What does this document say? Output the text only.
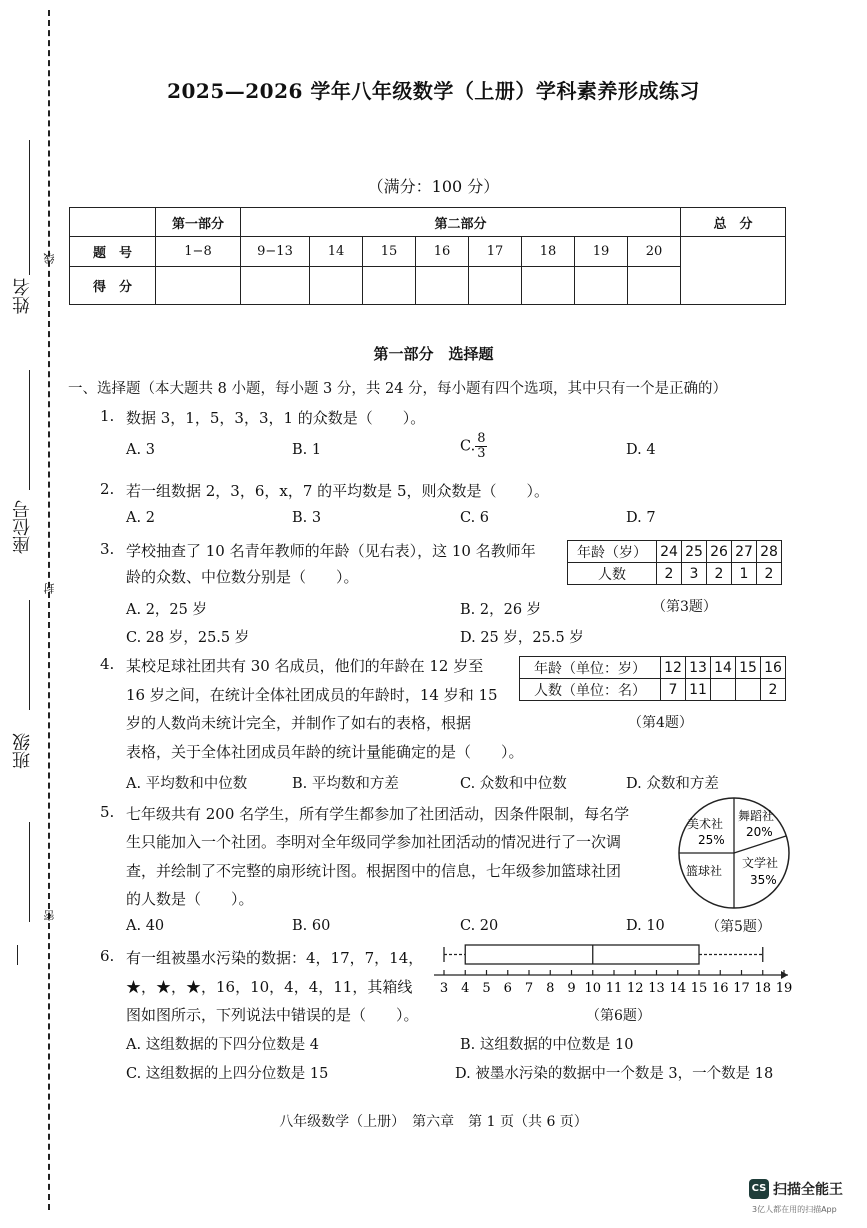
姓名
线
座位号
封
班级
密
2025—2026 学年八年级数学（上册）学科素养形成练习
（满分：100 分）
	第一部分	第二部分								总　分
题　号	1−8	9−13	14	15	16	17	18	19	20	
得　分										
第一部分　选择题
一、选择题（本大题共 8 小题，每小题 3 分，共 24 分，每小题有四个选项，其中只有一个是正确的）
1. 数据 3，1，5，3，3，1 的众数是（　　）。
A. 3	B. 1	C. $\frac{8}{3}$	D. 4
2. 若一组数据 2，3，6，x，7 的平均数是 5，则众数是（　　）。
A. 2	B. 3	C. 6	D. 7
3. 学校抽查了 10 名青年教师的年龄（见右表），这 10 名教师年
龄的众数、中位数分别是（　　）。
A. 2，25 岁	B. 2，26 岁
C. 28 岁，25.5 岁	D. 25 岁，25.5 岁
年龄（岁）	24	25	26	27	28
人数	2	3	2	1	2
（第3题）
4. 某校足球社团共有 30 名成员，他们的年龄在 12 岁至
16 岁之间，在统计全体社团成员的年龄时，14 岁和 15
岁的人数尚未统计完全，并制作了如右的表格，根据
表格，关于全体社团成员年龄的统计量能确定的是（　　）。
A. 平均数和中位数	B. 平均数和方差	C. 众数和中位数	D. 众数和方差
年龄（单位：岁）	12	13	14	15	16
人数（单位：名）	7	11			2
（第4题）
5. 七年级共有 200 名学生，所有学生都参加了社团活动，因条件限制，每名学
生只能加入一个社团。李明对全年级同学参加社团活动的情况进行了一次调
查，并绘制了不完整的扇形统计图。根据图中的信息，七年级参加篮球社团
的人数是（　　）。
A. 40	B. 60	C. 20	D. 10
美术社
25%
舞蹈社
20%
篮球社
文学社
35%
（第5题）
6. 有一组被墨水污染的数据：4，17，7，14，
★，★，★，16，10，4，4，11，其箱线
图如图所示，下列说法中错误的是（　　）。
A. 这组数据的下四分位数是 4	B. 这组数据的中位数是 10
C. 这组数据的上四分位数是 15	D. 被墨水污染的数据中一个数是 3，一个数是 18
3 4 5 6 7 8 9 10 11 12 13 14 15 16 17 18 19
（第6题）
八年级数学（上册）　第六章　第 1 页（共 6 页）
CS 扫描全能王
3亿人都在用的扫描App
